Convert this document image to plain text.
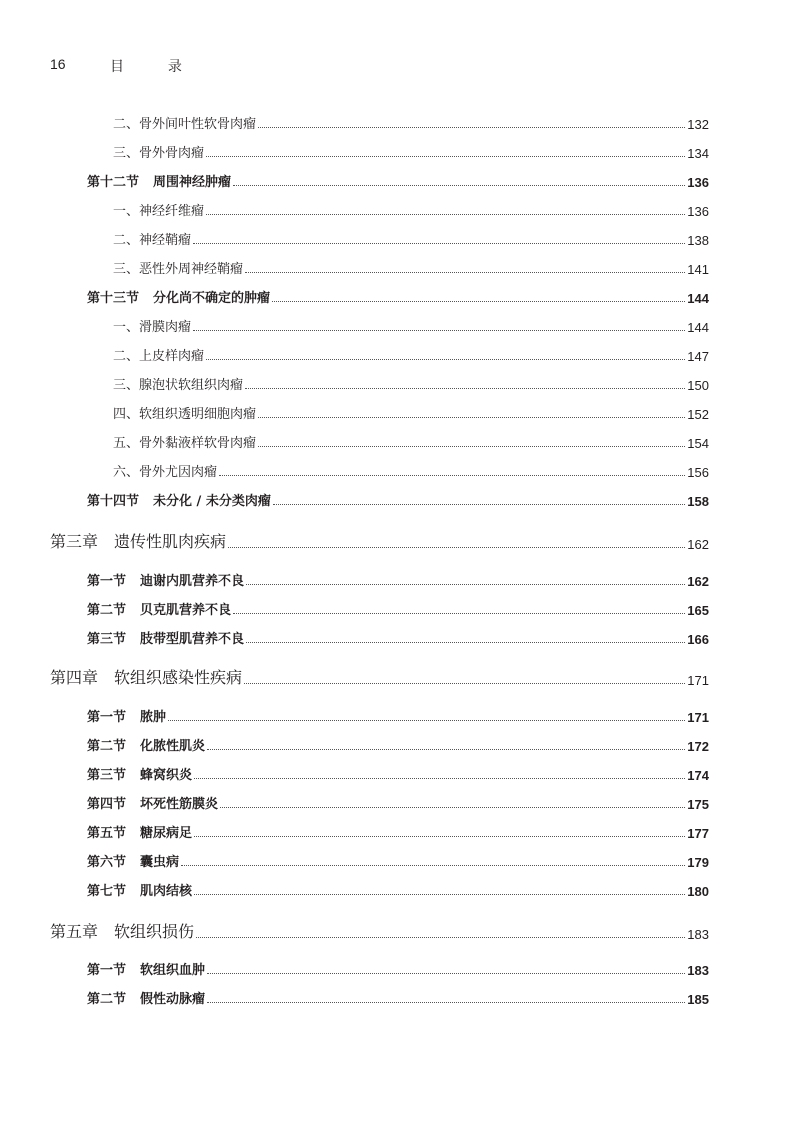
16	目 录
二、骨外间叶性软骨肉瘤	132
三、骨外骨肉瘤	134
第十二节 周围神经肿瘤	136
一、神经纤维瘤	136
二、神经鞘瘤	138
三、恶性外周神经鞘瘤	141
第十三节 分化尚不确定的肿瘤	144
一、滑膜肉瘤	144
二、上皮样肉瘤	147
三、腺泡状软组织肉瘤	150
四、软组织透明细胞肉瘤	152
五、骨外黏液样软骨肉瘤	154
六、骨外尤因肉瘤	156
第十四节 未分化 / 未分类肉瘤	158
第三章 遗传性肌肉疾病	162
第一节 迪谢内肌营养不良	162
第二节 贝克肌营养不良	165
第三节 肢带型肌营养不良	166
第四章 软组织感染性疾病	171
第一节 脓肿	171
第二节 化脓性肌炎	172
第三节 蜂窝织炎	174
第四节 坏死性筋膜炎	175
第五节 糖尿病足	177
第六节 囊虫病	179
第七节 肌肉结核	180
第五章 软组织损伤	183
第一节 软组织血肿	183
第二节 假性动脉瘤	185
